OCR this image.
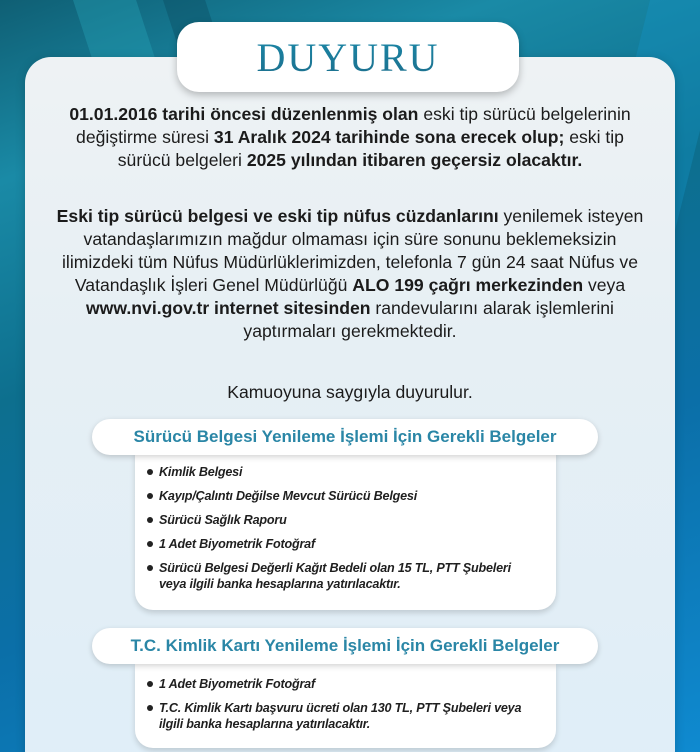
DUYURU
01.01.2016 tarihi öncesi düzenlenmiş olan eski tip sürücü belgelerinin değiştirme süresi 31 Aralık 2024 tarihinde sona erecek olup; eski tip sürücü belgeleri 2025 yılından itibaren geçersiz olacaktır.
Eski tip sürücü belgesi ve eski tip nüfus cüzdanlarını yenilemek isteyen vatandaşlarımızın mağdur olmaması için süre sonunu beklemeksizin ilimizdeki tüm Nüfus Müdürlüklerimizden, telefonla 7 gün 24 saat Nüfus ve Vatandaşlık İşleri Genel Müdürlüğü ALO 199 çağrı merkezinden veya www.nvi.gov.tr internet sitesinden randevularını alarak işlemlerini yaptırmaları gerekmektedir.
Kamuoyuna saygıyla duyurulur.
Sürücü Belgesi Yenileme İşlemi İçin Gerekli Belgeler
Kimlik Belgesi
Kayıp/Çalıntı Değilse Mevcut Sürücü Belgesi
Sürücü Sağlık Raporu
1 Adet Biyometrik Fotoğraf
Sürücü Belgesi Değerli Kağıt Bedeli olan 15 TL, PTT Şubeleri veya ilgili banka hesaplarına yatırılacaktır.
T.C. Kimlik Kartı Yenileme İşlemi İçin Gerekli Belgeler
1 Adet Biyometrik Fotoğraf
T.C. Kimlik Kartı başvuru ücreti olan 130 TL, PTT Şubeleri veya ilgili banka hesaplarına yatırılacaktır.
